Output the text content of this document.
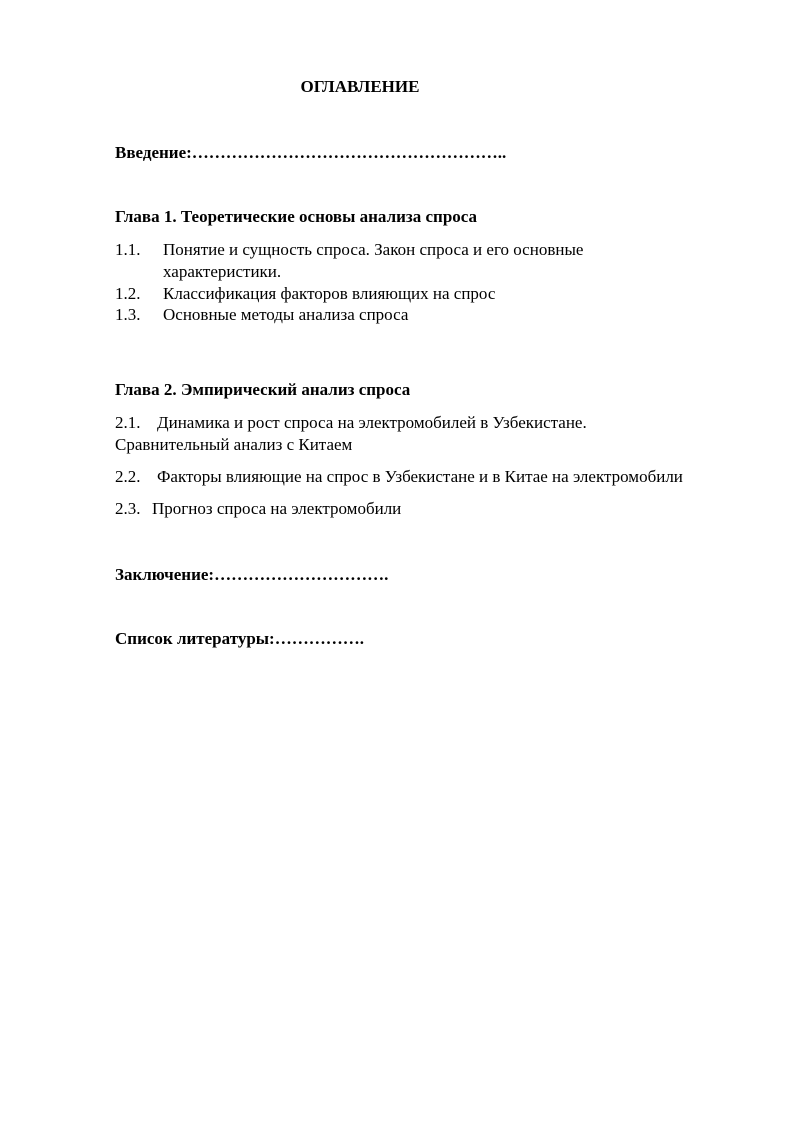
ОГЛАВЛЕНИЕ
Введение:………………………………………………..
Глава 1. Теоретические основы анализа спроса
1.1. Понятие и сущность спроса. Закон спроса и его основные
характеристики.
1.2. Классификация факторов влияющих на спрос
1.3. Основные методы анализа спроса
Глава 2. Эмпирический анализ спроса
2.1. Динамика и рост спроса на электромобилей в Узбекистане.
Сравнительный анализ с Китаем
2.2. Факторы влияющие на спрос в Узбекистане и в Китае на электромобили
2.3. Прогноз спроса на электромобили
Заключение:………………………….
Список литературы:…………….
